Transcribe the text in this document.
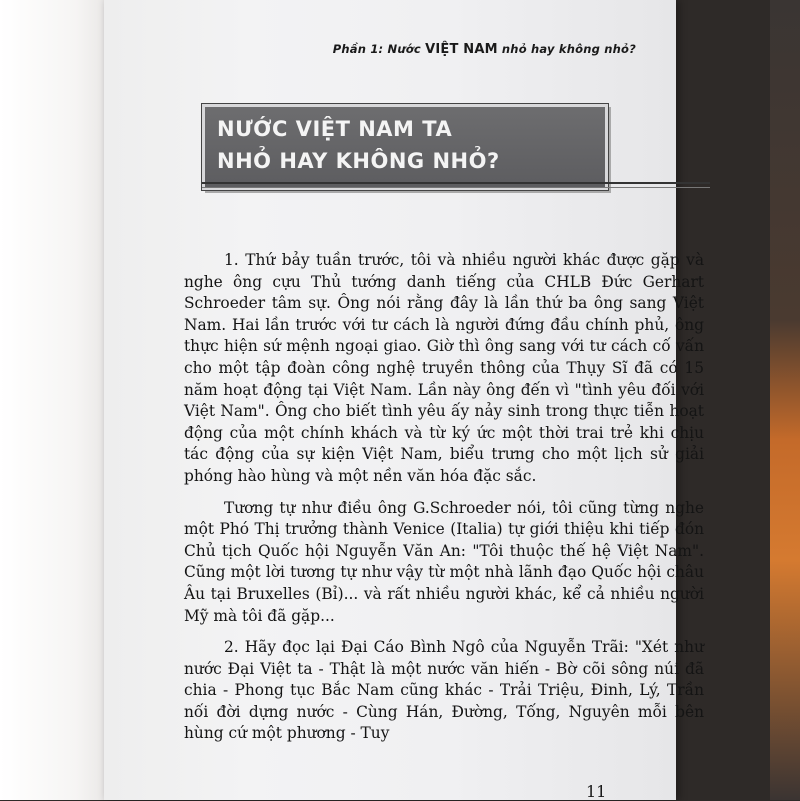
Phần 1: Nước VIỆT NAM nhỏ hay không nhỏ?
NƯỚC VIỆT NAM TA
NHỎ HAY KHÔNG NHỎ?

1. Thứ bảy tuần trước, tôi và nhiều người khác được gặp và nghe ông cựu Thủ tướng danh tiếng của CHLB Đức Gerhart Schroeder tâm sự. Ông nói rằng đây là lần thứ ba ông sang Việt Nam. Hai lần trước với tư cách là người đứng đầu chính phủ, ông thực hiện sứ mệnh ngoại giao. Giờ thì ông sang với tư cách cố vấn cho một tập đoàn công nghệ truyền thông của Thụy Sĩ đã có 15 năm hoạt động tại Việt Nam. Lần này ông đến vì "tình yêu đối với Việt Nam". Ông cho biết tình yêu ấy nảy sinh trong thực tiễn hoạt động của một chính khách và từ ký ức một thời trai trẻ khi chịu tác động của sự kiện Việt Nam, biểu trưng cho một lịch sử giải phóng hào hùng và một nền văn hóa đặc sắc.

Tương tự như điều ông G.Schroeder nói, tôi cũng từng nghe một Phó Thị trưởng thành Venice (Italia) tự giới thiệu khi tiếp đón Chủ tịch Quốc hội Nguyễn Văn An: "Tôi thuộc thế hệ Việt Nam". Cũng một lời tương tự như vậy từ một nhà lãnh đạo Quốc hội châu Âu tại Bruxelles (Bỉ)... và rất nhiều người khác, kể cả nhiều người Mỹ mà tôi đã gặp...

2. Hãy đọc lại Đại Cáo Bình Ngô của Nguyễn Trãi: "Xét như nước Đại Việt ta - Thật là một nước văn hiến - Bờ cõi sông núi đã chia - Phong tục Bắc Nam cũng khác - Trải Triệu, Đinh, Lý, Trần nối đời dựng nước - Cùng Hán, Đường, Tống, Nguyên mỗi bên hùng cứ một phương - Tuy

11
